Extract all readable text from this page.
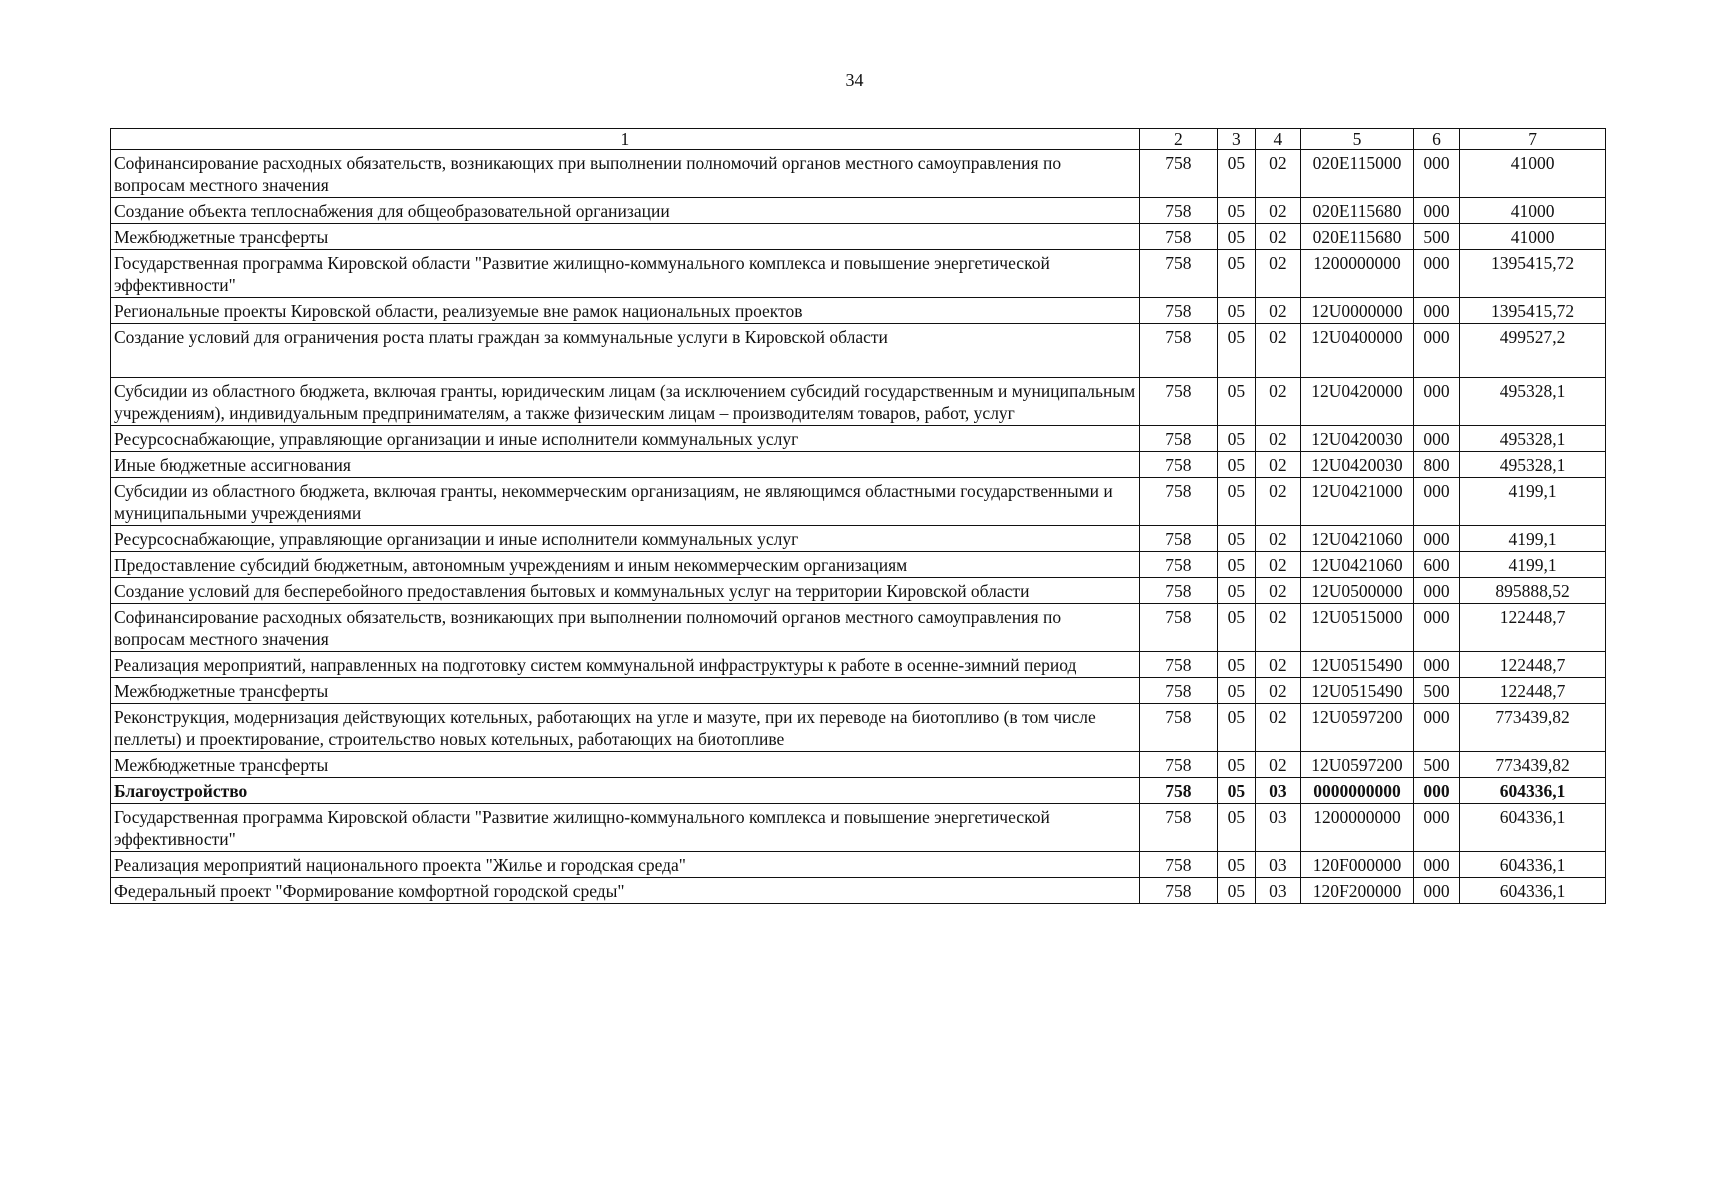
34
1	2	3	4	5	6	7
Софинансирование расходных обязательств, возникающих при выполнении полномочий органов местного самоуправления по вопросам местного значения	758	05	02	020E115000	000	41000
Создание объекта теплоснабжения для общеобразовательной организации	758	05	02	020E115680	000	41000
Межбюджетные трансферты	758	05	02	020E115680	500	41000
Государственная программа Кировской области "Развитие жилищно-коммунального комплекса и повышение энергетической эффективности"	758	05	02	1200000000	000	1395415,72
Региональные проекты Кировской области, реализуемые вне рамок национальных проектов	758	05	02	12U0000000	000	1395415,72
Создание условий для ограничения роста платы граждан за коммунальные услуги в Кировской области	758	05	02	12U0400000	000	499527,2
Субсидии из областного бюджета, включая гранты, юридическим лицам (за исключением субсидий государственным и муниципальным учреждениям), индивидуальным предпринимателям, а также физическим лицам – производителям товаров, работ, услуг	758	05	02	12U0420000	000	495328,1
Ресурсоснабжающие, управляющие организации и иные исполнители коммунальных услуг	758	05	02	12U0420030	000	495328,1
Иные бюджетные ассигнования	758	05	02	12U0420030	800	495328,1
Субсидии из областного бюджета, включая гранты, некоммерческим организациям, не являющимся областными государственными и муниципальными учреждениями	758	05	02	12U0421000	000	4199,1
Ресурсоснабжающие, управляющие организации и иные исполнители коммунальных услуг	758	05	02	12U0421060	000	4199,1
Предоставление субсидий бюджетным, автономным учреждениям и иным некоммерческим организациям	758	05	02	12U0421060	600	4199,1
Создание условий для бесперебойного предоставления бытовых и коммунальных услуг на территории Кировской области	758	05	02	12U0500000	000	895888,52
Софинансирование расходных обязательств, возникающих при выполнении полномочий органов местного самоуправления по вопросам местного значения	758	05	02	12U0515000	000	122448,7
Реализация мероприятий, направленных на подготовку систем коммунальной инфраструктуры к работе в осенне-зимний период	758	05	02	12U0515490	000	122448,7
Межбюджетные трансферты	758	05	02	12U0515490	500	122448,7
Реконструкция, модернизация действующих котельных, работающих на угле и мазуте, при их переводе на биотопливо (в том числе пеллеты) и проектирование, строительство новых котельных, работающих на биотопливе	758	05	02	12U0597200	000	773439,82
Межбюджетные трансферты	758	05	02	12U0597200	500	773439,82
Благоустройство	758	05	03	0000000000	000	604336,1
Государственная программа Кировской области "Развитие жилищно-коммунального комплекса и повышение энергетической эффективности"	758	05	03	1200000000	000	604336,1
Реализация мероприятий национального проекта "Жилье и городская среда"	758	05	03	120F000000	000	604336,1
Федеральный проект "Формирование комфортной городской среды"	758	05	03	120F200000	000	604336,1
